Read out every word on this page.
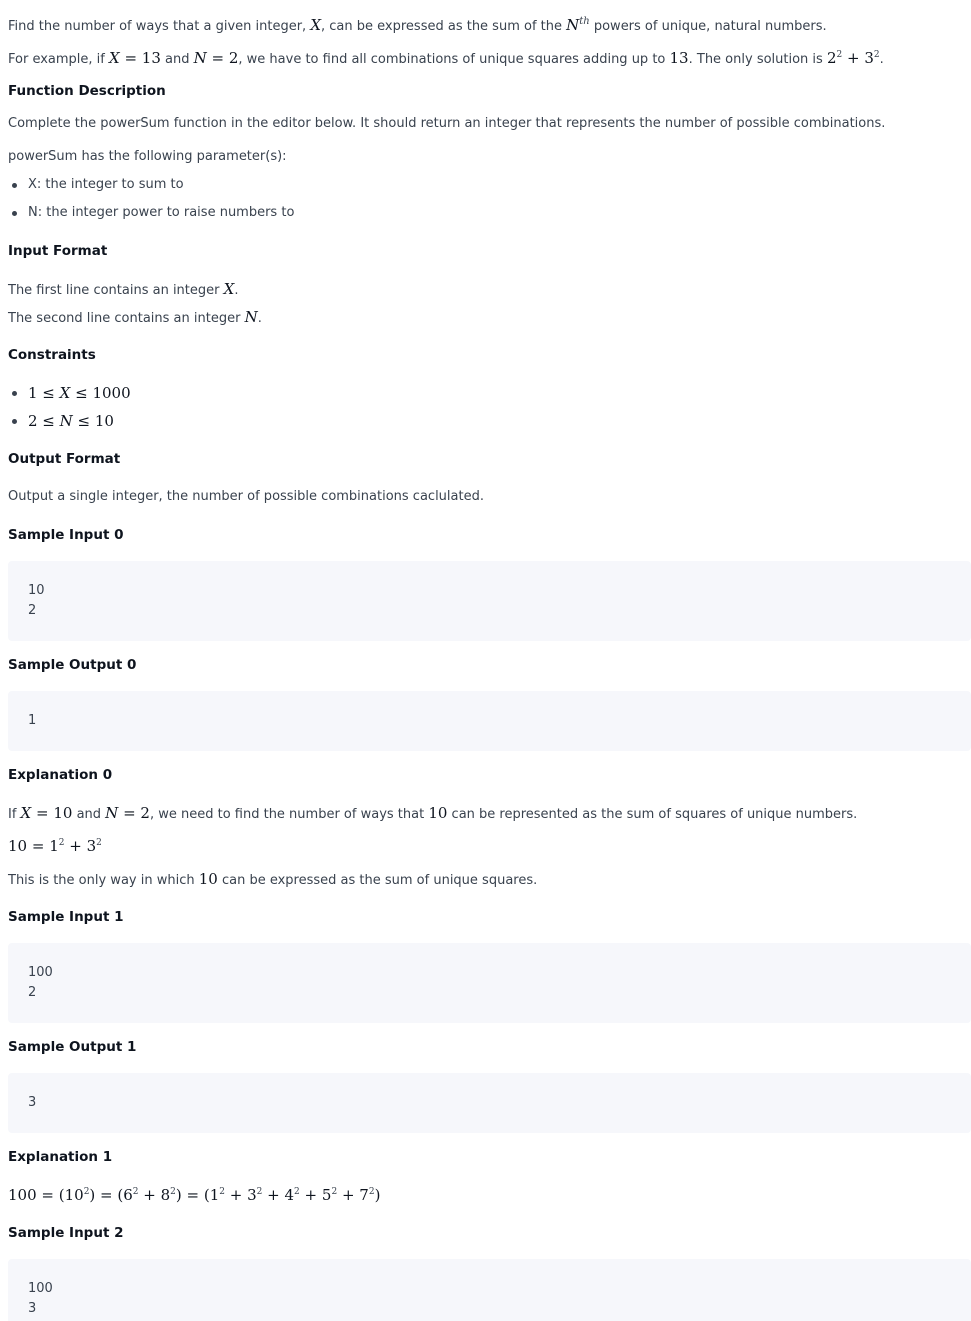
Find the number of ways that a given integer, X, can be expressed as the sum of the $N^{th}$ powers of unique, natural numbers.
For example, if X = 13 and N = 2, we have to find all combinations of unique squares adding up to 13. The only solution is $2^2 + 3^2$.
Function Description
Complete the powerSum function in the editor below. It should return an integer that represents the number of possible combinations.
powerSum has the following parameter(s):
X: the integer to sum to
N: the integer power to raise numbers to
Input Format
The first line contains an integer X.
The second line contains an integer N.
Constraints
1 ≤ X ≤ 1000
2 ≤ N ≤ 10
Output Format
Output a single integer, the number of possible combinations caclulated.
Sample Input 0
10
2
Sample Output 0
1
Explanation 0
If X = 10 and N = 2, we need to find the number of ways that 10 can be represented as the sum of squares of unique numbers.
$10 = 1^2 + 3^2$
This is the only way in which 10 can be expressed as the sum of unique squares.
Sample Input 1
100
2
Sample Output 1
3
Explanation 1
$100 = (10^2) = (6^2 + 8^2) = (1^2 + 3^2 + 4^2 + 5^2 + 7^2)$
Sample Input 2
100
3
